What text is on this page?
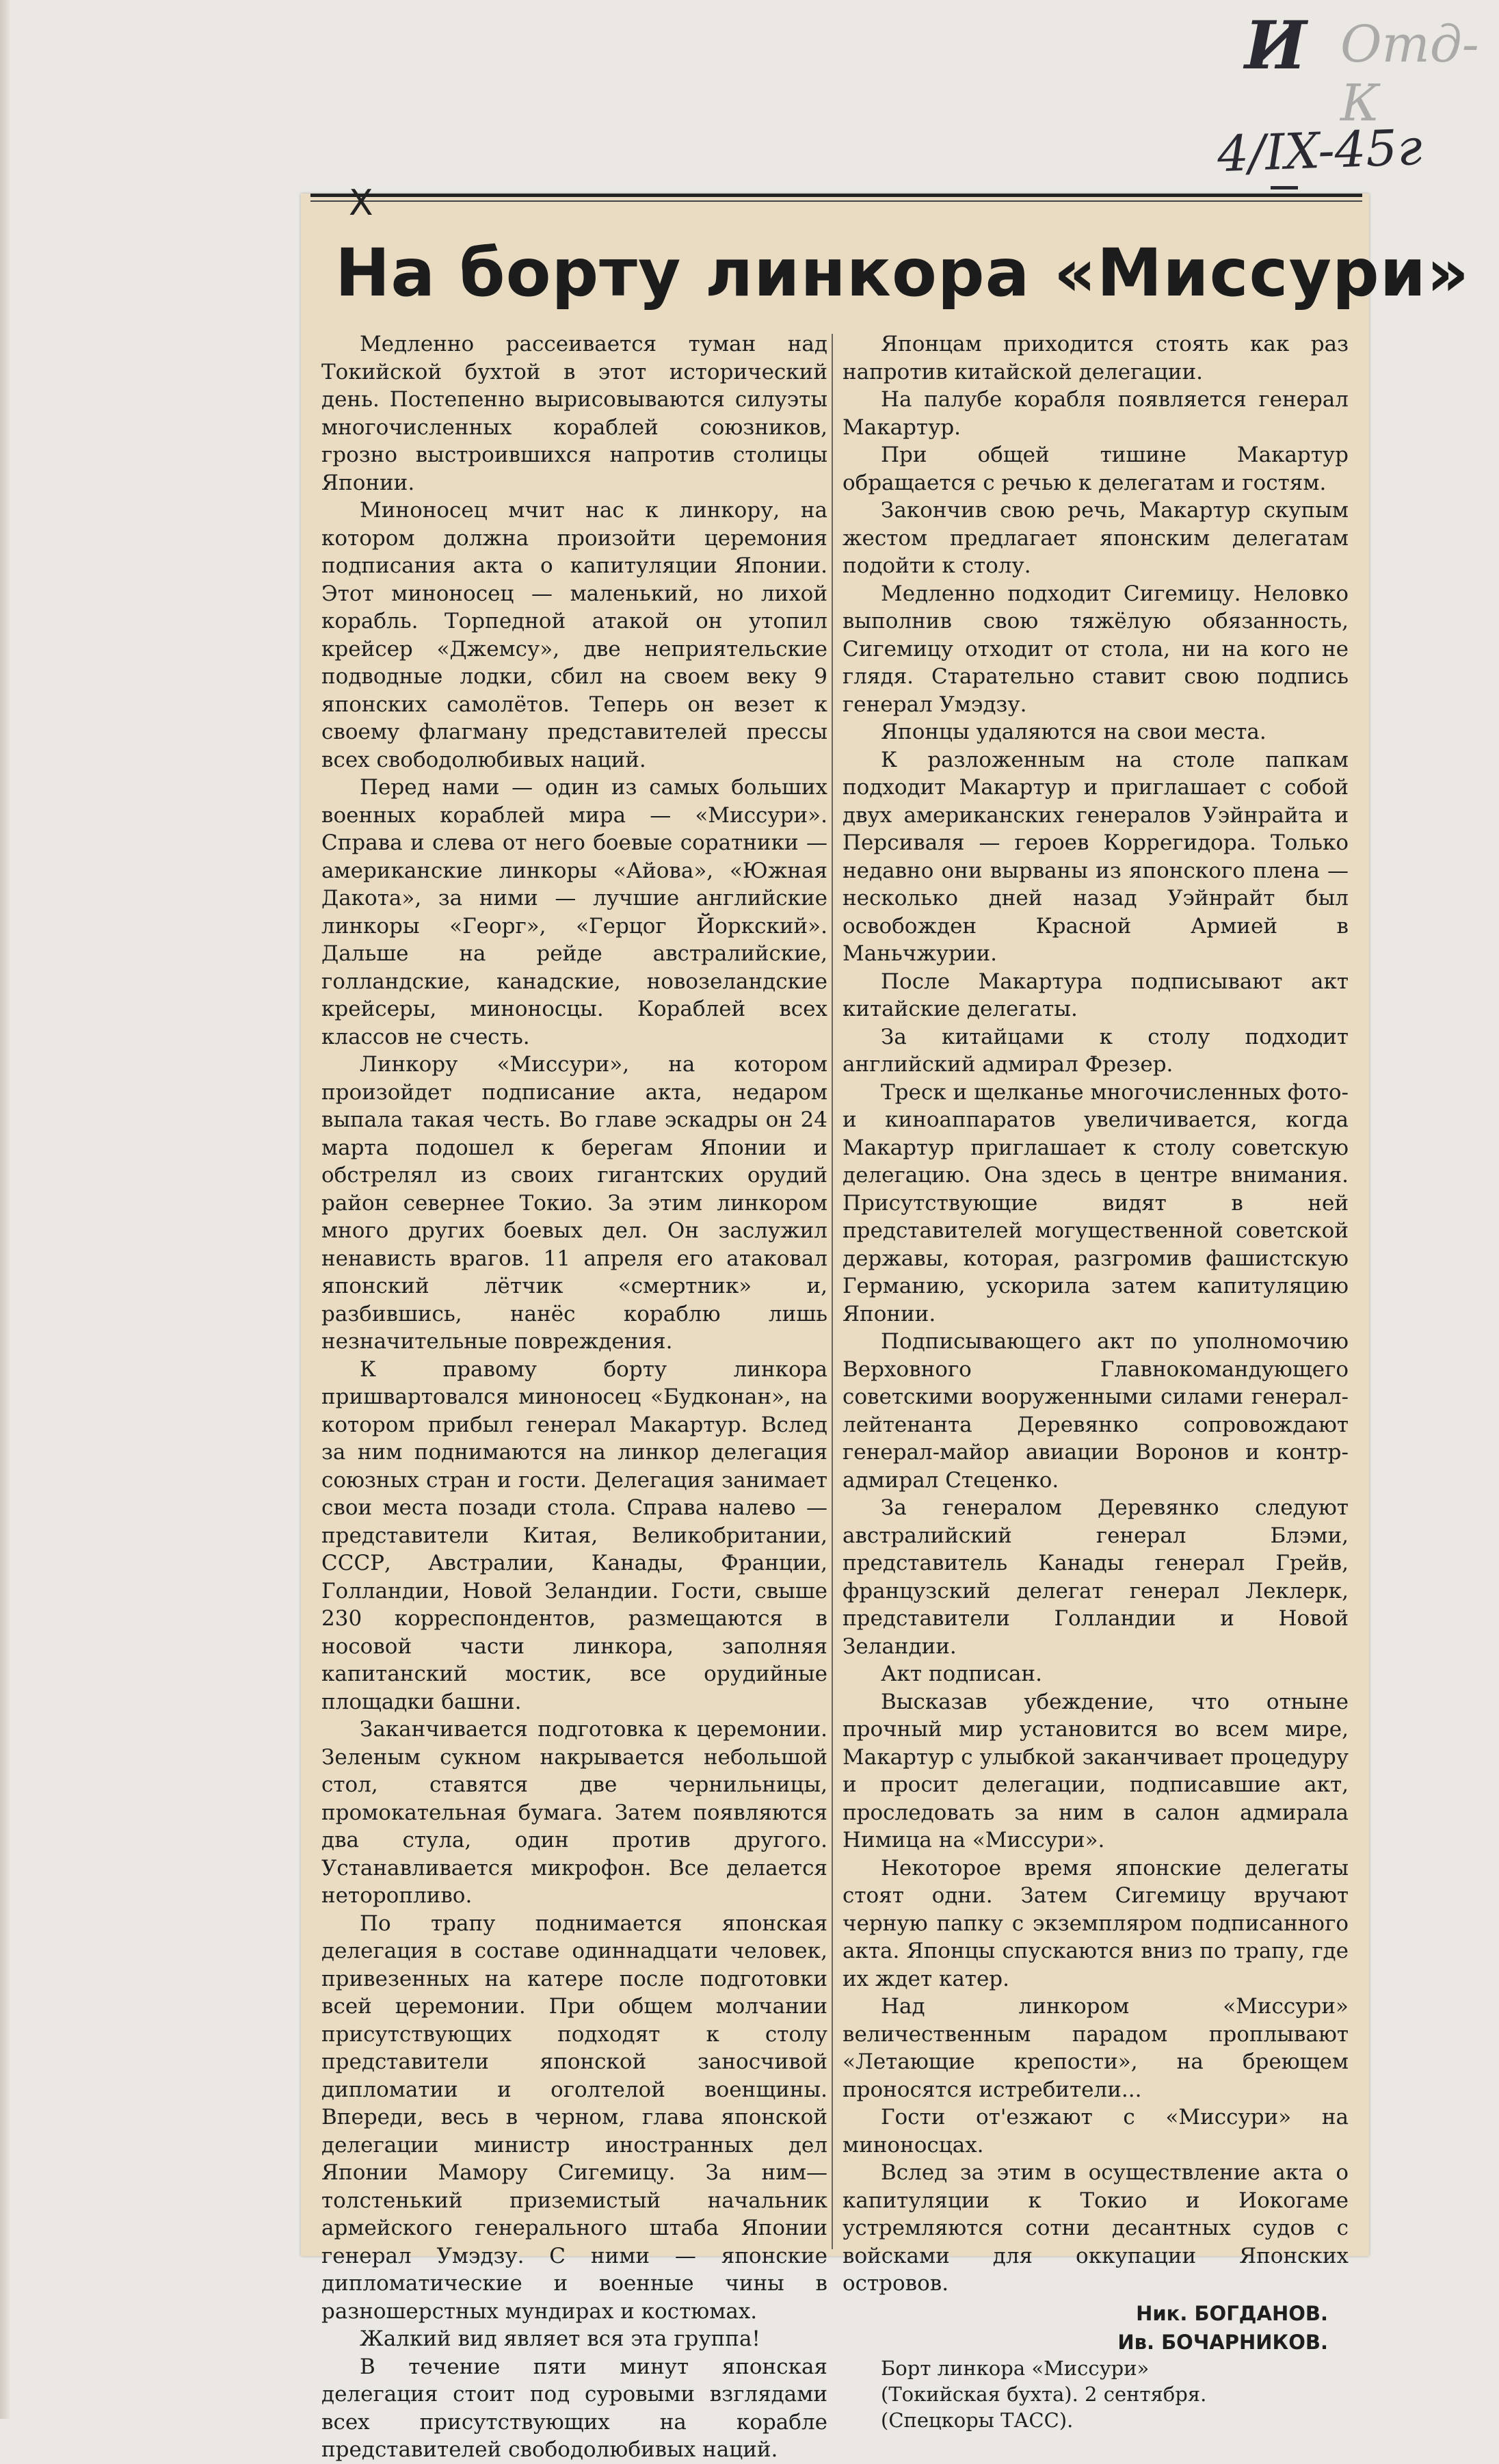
И Отд-К
4/IX-45г
X
На борту линкора «Миссури»

Медленно рассеивается туман над Токийской бухтой в этот исторический день. Постепенно вырисовываются силуэты многочисленных кораблей союзников, грозно выстроившихся напротив столицы Японии.

Миноносец мчит нас к линкору, на котором должна произойти церемония подписания акта о капитуляции Японии. Этот миноносец — маленький, но лихой корабль. Торпедной атакой он утопил крейсер «Джемсу», две неприятельские подводные лодки, сбил на своем веку 9 японских самолётов. Теперь он везет к своему флагману представителей прессы всех свободолюбивых наций.

Перед нами — один из самых больших военных кораблей мира — «Миссури». Справа и слева от него боевые соратники — американские линкоры «Айова», «Южная Дакота», за ними — лучшие английские линкоры «Георг», «Герцог Йоркский». Дальше на рейде австралийские, голландские, канадские, новозеландские крейсеры, миноносцы. Кораблей всех классов не счесть.

Линкору «Миссури», на котором произойдет подписание акта, недаром выпала такая честь. Во главе эскадры он 24 марта подошел к берегам Японии и обстрелял из своих гигантских орудий район севернее Токио. За этим линкором много других боевых дел. Он заслужил ненависть врагов. 11 апреля его атаковал японский лётчик «смертник» и, разбившись, нанёс кораблю лишь незначительные повреждения.

К правому борту линкора пришвартовался миноносец «Будконан», на котором прибыл генерал Макартур. Вслед за ним поднимаются на линкор делегация союзных стран и гости. Делегация занимает свои места позади стола. Справа налево — представители Китая, Великобритании, СССР, Австралии, Канады, Франции, Голландии, Новой Зеландии. Гости, свыше 230 корреспондентов, размещаются в носовой части линкора, заполняя капитанский мостик, все орудийные площадки башни.

Заканчивается подготовка к церемонии. Зеленым сукном накрывается небольшой стол, ставятся две чернильницы, промокательная бумага. Затем появляются два стула, один против другого. Устанавливается микрофон. Все делается неторопливо.

По трапу поднимается японская делегация в составе одиннадцати человек, привезенных на катере после подготовки всей церемонии. При общем молчании присутствующих подходят к столу представители японской заносчивой дипломатии и оголтелой военщины. Впереди, весь в черном, глава японской делегации министр иностранных дел Японии Мамору Сигемицу. За ним—толстенький приземистый начальник армейского генерального штаба Японии генерал Умэдзу. С ними — японские дипломатические и военные чины в разношерстных мундирах и костюмах.

Жалкий вид являет вся эта группа!

В течение пяти минут японская делегация стоит под суровыми взглядами всех присутствующих на корабле представителей свободолюбивых наций.

Японцам приходится стоять как раз напротив китайской делегации.

На палубе корабля появляется генерал Макартур.

При общей тишине Макартур обращается с речью к делегатам и гостям.

Закончив свою речь, Макартур скупым жестом предлагает японским делегатам подойти к столу.

Медленно подходит Сигемицу. Неловко выполнив свою тяжёлую обязанность, Сигемицу отходит от стола, ни на кого не глядя. Старательно ставит свою подпись генерал Умэдзу.

Японцы удаляются на свои места.

К разложенным на столе папкам подходит Макартур и приглашает с собой двух американских генералов Уэйнрайта и Персиваля — героев Коррегидора. Только недавно они вырваны из японского плена — несколько дней назад Уэйнрайт был освобожден Красной Армией в Маньчжурии.

После Макартура подписывают акт китайские делегаты.

За китайцами к столу подходит английский адмирал Фрезер.

Треск и щелканье многочисленных фото- и киноаппаратов увеличивается, когда Макартур приглашает к столу советскую делегацию. Она здесь в центре внимания. Присутствующие видят в ней представителей могущественной советской державы, которая, разгромив фашистскую Германию, ускорила затем капитуляцию Японии.

Подписывающего акт по уполномочию Верховного Главнокомандующего советскими вооруженными силами генерал-лейтенанта Деревянко сопровождают генерал-майор авиации Воронов и контр-адмирал Стеценко.

За генералом Деревянко следуют австралийский генерал Блэми, представитель Канады генерал Грейв, французский делегат генерал Леклерк, представители Голландии и Новой Зеландии.

Акт подписан.

Высказав убеждение, что отныне прочный мир установится во всем мире, Макартур с улыбкой заканчивает процедуру и просит делегации, подписавшие акт, проследовать за ним в салон адмирала Нимица на «Миссури».

Некоторое время японские делегаты стоят одни. Затем Сигемицу вручают черную папку с экземпляром подписанного акта. Японцы спускаются вниз по трапу, где их ждет катер.

Над линкором «Миссури» величественным парадом проплывают «Летающие крепости», на бреющем проносятся истребители...

Гости от'езжают с «Миссури» на миноносцах.

Вслед за этим в осуществление акта о капитуляции к Токио и Иокогаме устремляются сотни десантных судов с войсками для оккупации Японских островов.

Ник. БОГДАНОВ.
Ив. БОЧАРНИКОВ.

Борт линкора «Миссури»

(Токийская бухта). 2 сентября.

(Спецкоры ТАСС).
